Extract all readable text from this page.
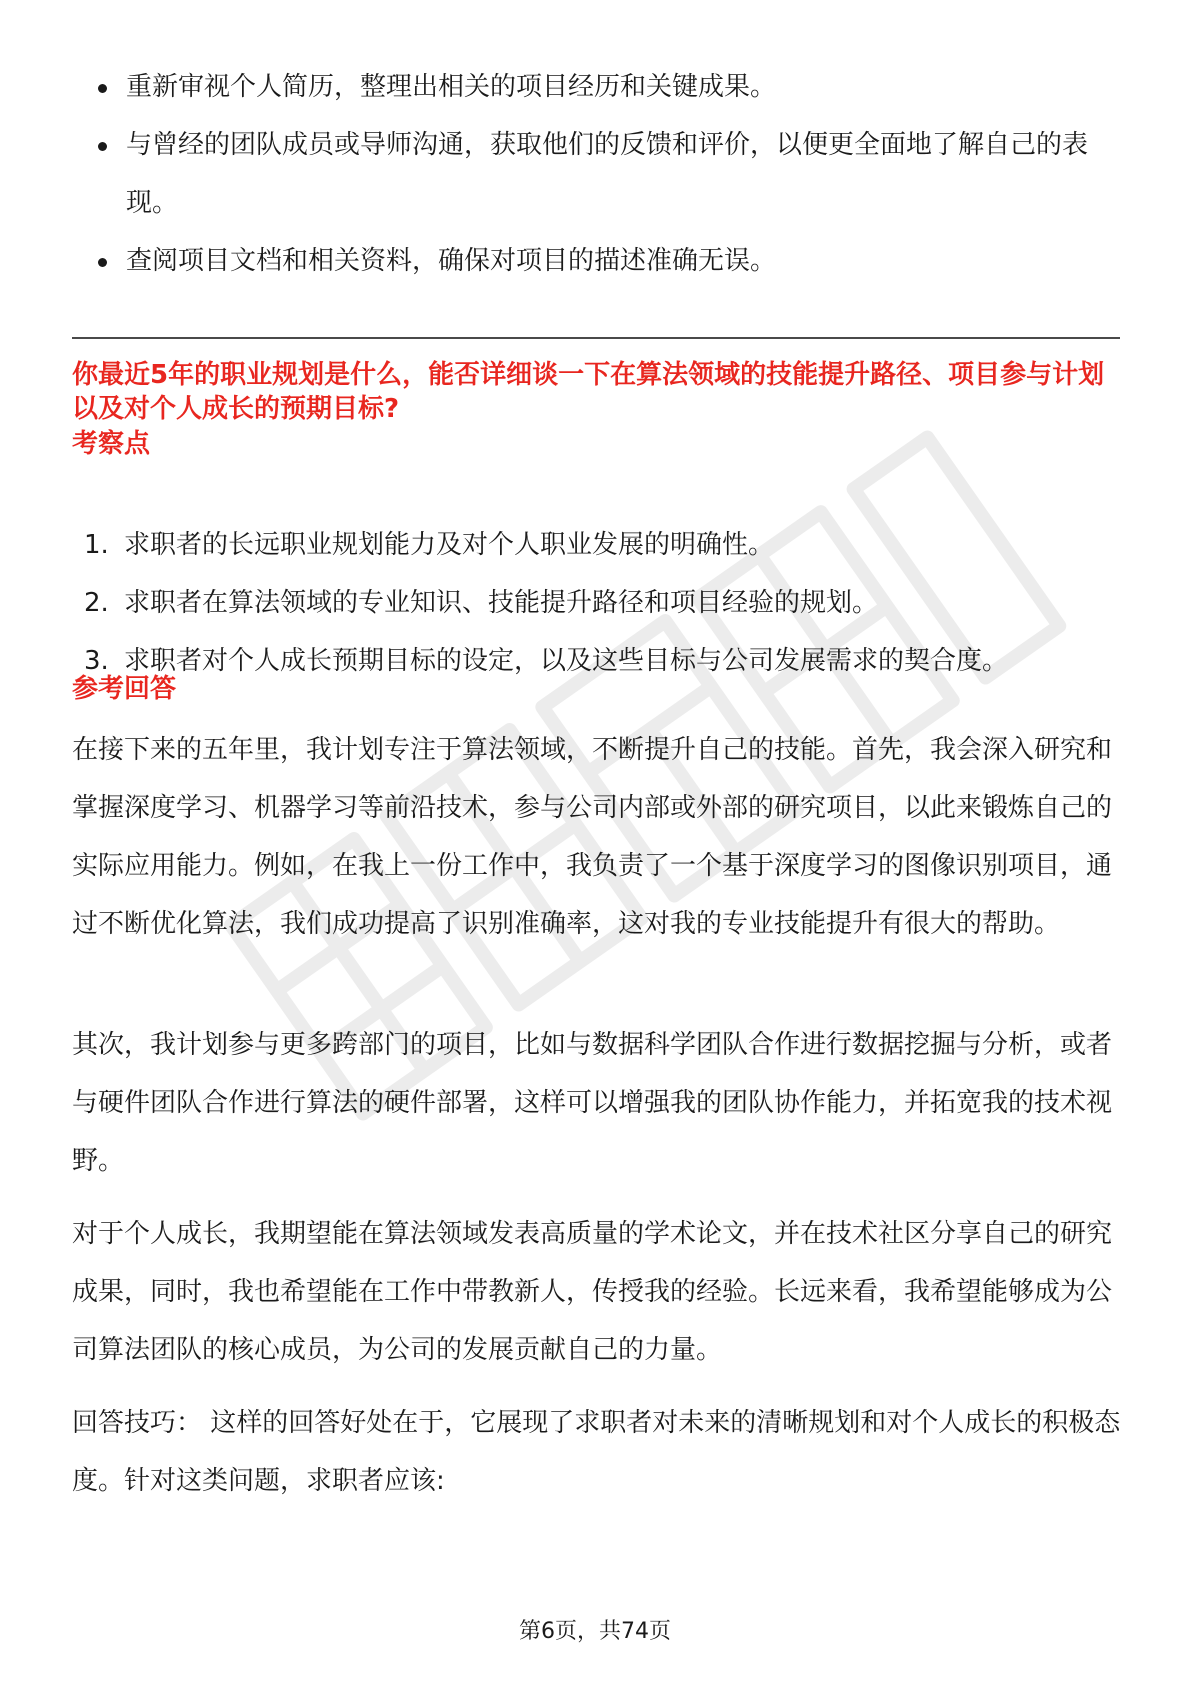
重新审视个人简历，整理出相关的项目经历和关键成果。
与曾经的团队成员或导师沟通，获取他们的反馈和评价，以便更全面地了解自己的表现。
查阅项目文档和相关资料，确保对项目的描述准确无误。
你最近5年的职业规划是什么，能否详细谈一下在算法领域的技能提升路径、项目参与计划以及对个人成长的预期目标?
考察点
1. 求职者的长远职业规划能力及对个人职业发展的明确性。
2. 求职者在算法领域的专业知识、技能提升路径和项目经验的规划。
3. 求职者对个人成长预期目标的设定，以及这些目标与公司发展需求的契合度。
参考回答

在接下来的五年里，我计划专注于算法领域，不断提升自己的技能。首先，我会深入研究和掌握深度学习、机器学习等前沿技术，参与公司内部或外部的研究项目，以此来锻炼自己的实际应用能力。例如，在我上一份工作中，我负责了一个基于深度学习的图像识别项目，通过不断优化算法，我们成功提高了识别准确率，这对我的专业技能提升有很大的帮助。

其次，我计划参与更多跨部门的项目，比如与数据科学团队合作进行数据挖掘与分析，或者与硬件团队合作进行算法的硬件部署，这样可以增强我的团队协作能力，并拓宽我的技术视野。

对于个人成长，我期望能在算法领域发表高质量的学术论文，并在技术社区分享自己的研究成果，同时，我也希望能在工作中带教新人，传授我的经验。长远来看，我希望能够成为公司算法团队的核心成员，为公司的发展贡献自己的力量。

回答技巧： 这样的回答好处在于，它展现了求职者对未来的清晰规划和对个人成长的积极态度。针对这类问题，求职者应该:

第6页，共74页
